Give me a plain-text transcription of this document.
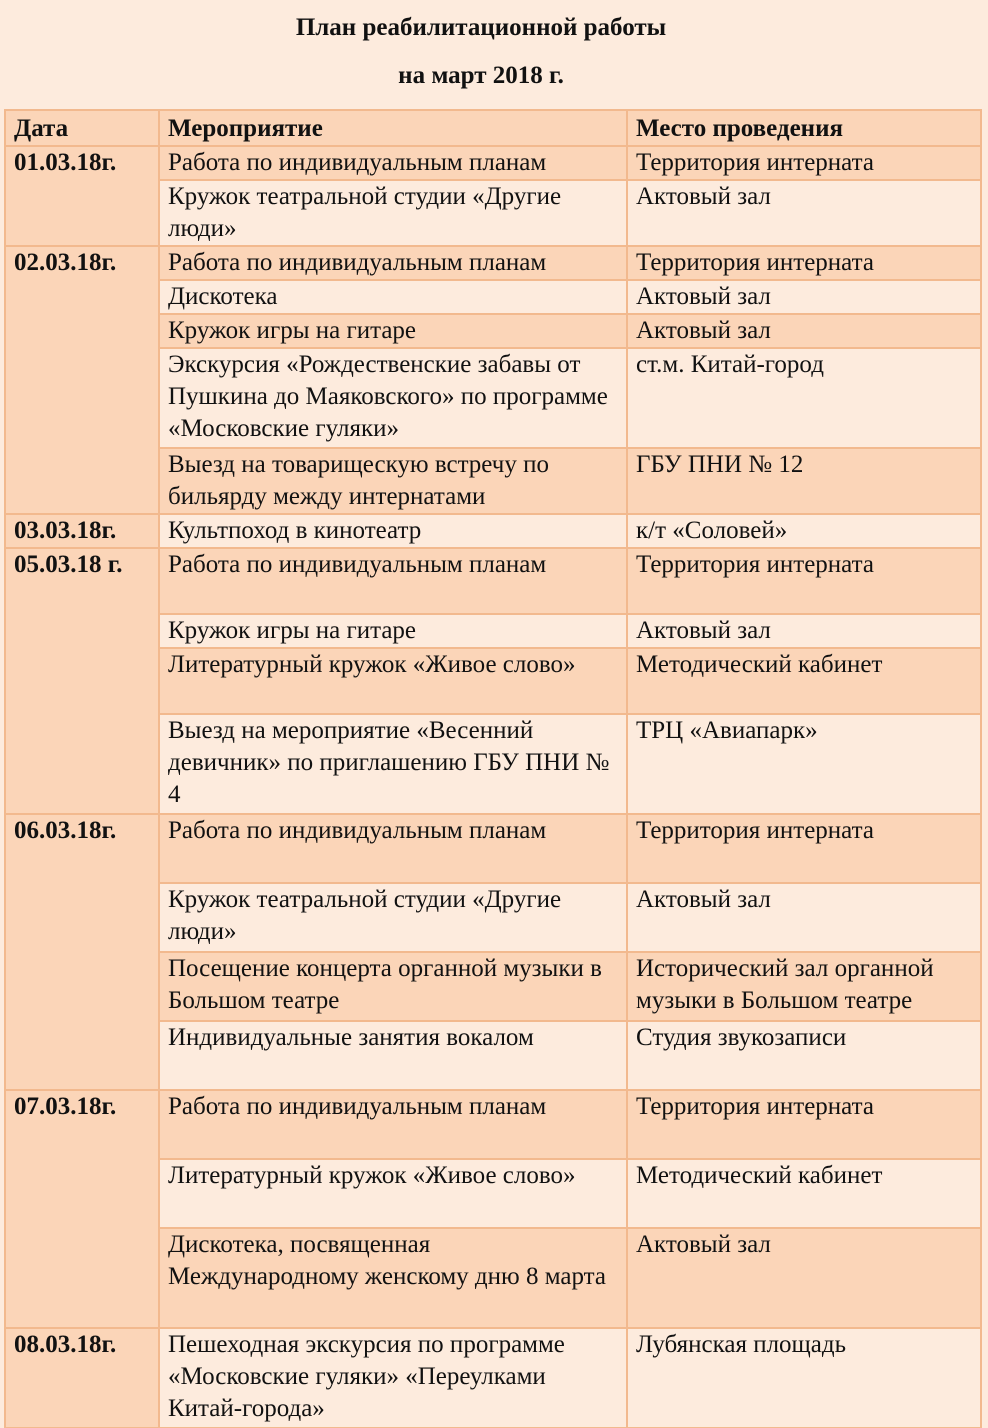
План реабилитационной работы
на март 2018 г.
Дата	Мероприятие	Место проведения
01.03.18г.	Работа по индивидуальным планам	Территория интерната
	Кружок театральной студии «Другие люди»	Актовый зал
02.03.18г.	Работа по индивидуальным планам	Территория интерната
	Дискотека	Актовый зал
	Кружок игры на гитаре	Актовый зал
	Экскурсия «Рождественские забавы от Пушкина до Маяковского» по программе «Московские гуляки»	ст.м. Китай-город
	Выезд на товарищескую встречу по бильярду между интернатами	ГБУ ПНИ № 12
03.03.18г.	Культпоход в кинотеатр	к/т «Соловей»
05.03.18 г.	Работа по индивидуальным планам	Территория интерната
	Кружок игры на гитаре	Актовый зал
	Литературный кружок «Живое слово»	Методический кабинет
	Выезд на мероприятие «Весенний девичник» по приглашению ГБУ ПНИ № 4	ТРЦ «Авиапарк»
06.03.18г.	Работа по индивидуальным планам	Территория интерната
	Кружок театральной студии «Другие люди»	Актовый зал
	Посещение концерта органной музыки в Большом театре	Исторический зал органной музыки в Большом театре
	Индивидуальные занятия вокалом	Студия звукозаписи
07.03.18г.	Работа по индивидуальным планам	Территория интерната
	Литературный кружок «Живое слово»	Методический кабинет
	Дискотека, посвященная Международному женскому дню 8 марта	Актовый зал
08.03.18г.	Пешеходная экскурсия по программе «Московские гуляки» «Переулками Китай-города»	Лубянская площадь
